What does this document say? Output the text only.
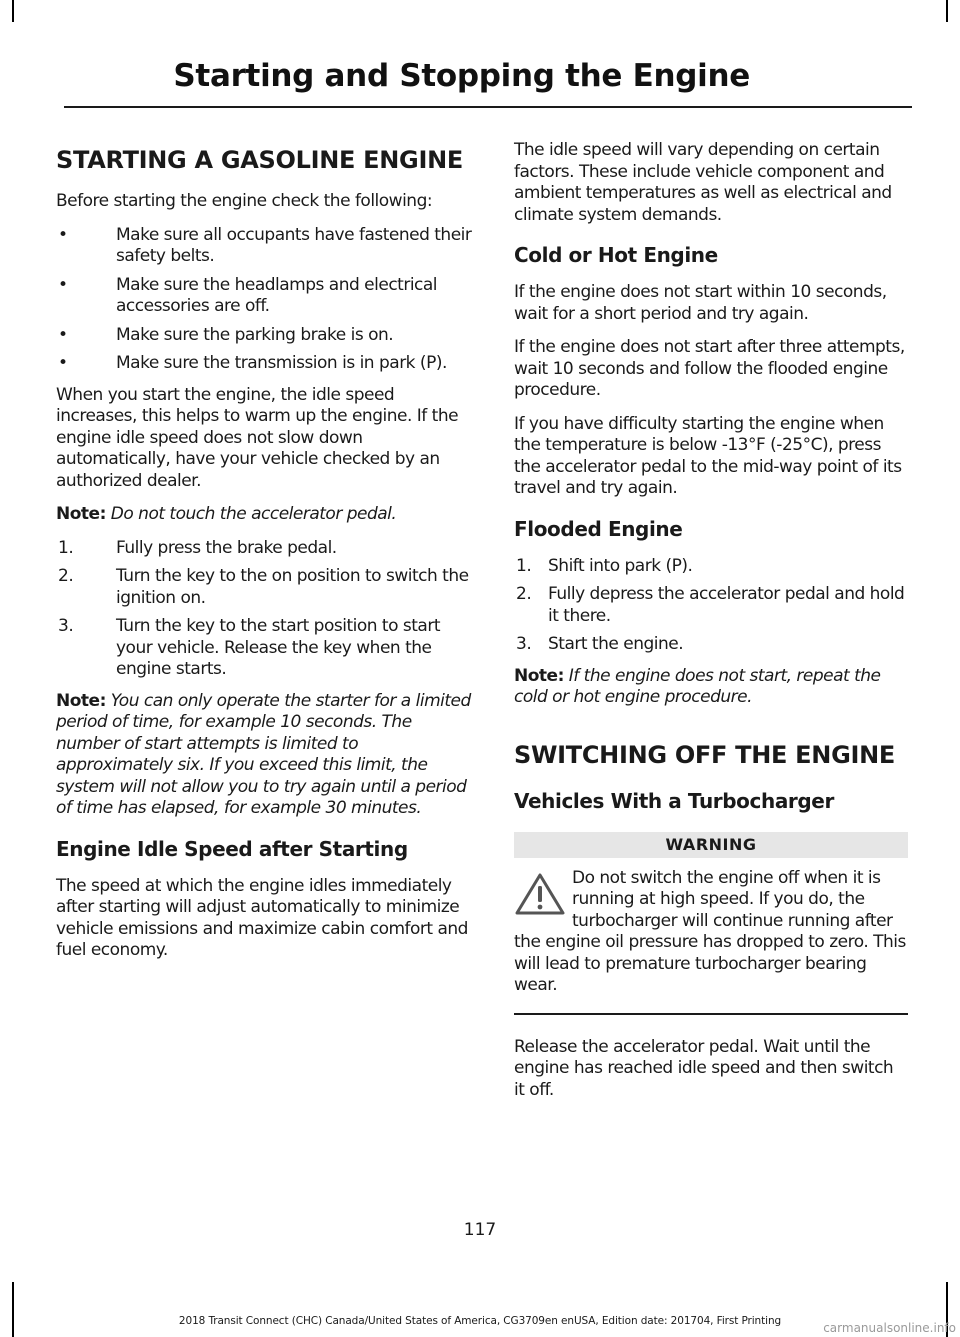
Starting and Stopping the Engine
STARTING A GASOLINE ENGINE

Before starting the engine check the following:

•	Make sure all occupants have fastened their safety belts.
•	Make sure the headlamps and electrical accessories are off.
•	Make sure the parking brake is on.
•	Make sure the transmission is in park (P).

When you start the engine, the idle speed increases, this helps to warm up the engine. If the engine idle speed does not slow down automatically, have your vehicle checked by an authorized dealer.

Note: Do not touch the accelerator pedal.

1.	Fully press the brake pedal.
2.	Turn the key to the on position to switch the ignition on.
3.	Turn the key to the start position to start your vehicle. Release the key when the engine starts.

Note: You can only operate the starter for a limited period of time, for example 10 seconds. The number of start attempts is limited to approximately six. If you exceed this limit, the system will not allow you to try again until a period of time has elapsed, for example 30 minutes.

Engine Idle Speed after Starting

The speed at which the engine idles immediately after starting will adjust automatically to minimize vehicle emissions and maximize cabin comfort and fuel economy.

The idle speed will vary depending on certain factors. These include vehicle component and ambient temperatures as well as electrical and climate system demands.

Cold or Hot Engine

If the engine does not start within 10 seconds, wait for a short period and try again.

If the engine does not start after three attempts, wait 10 seconds and follow the flooded engine procedure.

If you have difficulty starting the engine when the temperature is below -13°F (-25°C), press the accelerator pedal to the mid-way point of its travel and try again.

Flooded Engine
1. Shift into park (P).
2. Fully depress the accelerator pedal and hold it there.
3. Start the engine.

Note: If the engine does not start, repeat the cold or hot engine procedure.

SWITCHING OFF THE ENGINE
Vehicles With a Turbocharger
WARNING
Do not switch the engine off when it is running at high speed. If you do, the turbocharger will continue running after the engine oil pressure has dropped to zero. This will lead to premature turbocharger bearing wear.

Release the accelerator pedal. Wait until the engine has reached idle speed and then switch it off.

117
2018 Transit Connect (CHC) Canada/United States of America, CG3709en enUSA, Edition date: 201704, First Printing	carmanualsonline.info
